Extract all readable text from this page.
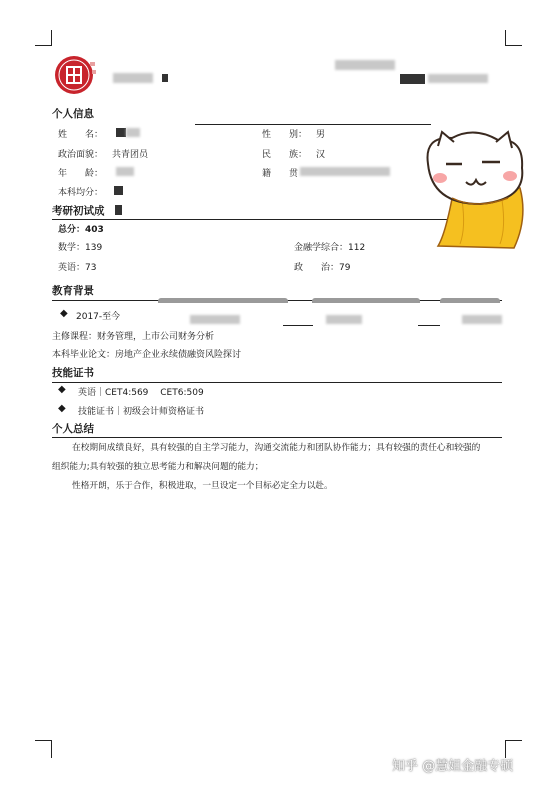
个人信息
姓　　名：	性　　别： 男
政治面貌： 共青团员	民　　族： 汉
年　　龄：	籍　　贯
本科均分：
考研初试成
总分：403
数学：139	金融学综合：112
英语：73	政　　治：79
教育背景
◆ 2017-至今
主修课程：财务管理，上市公司财务分析
本科毕业论文：房地产企业永续债融资风险探讨
技能证书
◆ 英语｜CET4:569　 CET6:509
◆ 技能证书｜初级会计师资格证书
个人总结
在校期间成绩良好，具有较强的自主学习能力，沟通交流能力和团队协作能力；具有较强的责任心和较强的
组织能力;具有较强的独立思考能力和解决问题的能力；
性格开朗，乐于合作，积极进取，一旦设定一个目标必定全力以赴。
知乎 @慧姐金融专硕
